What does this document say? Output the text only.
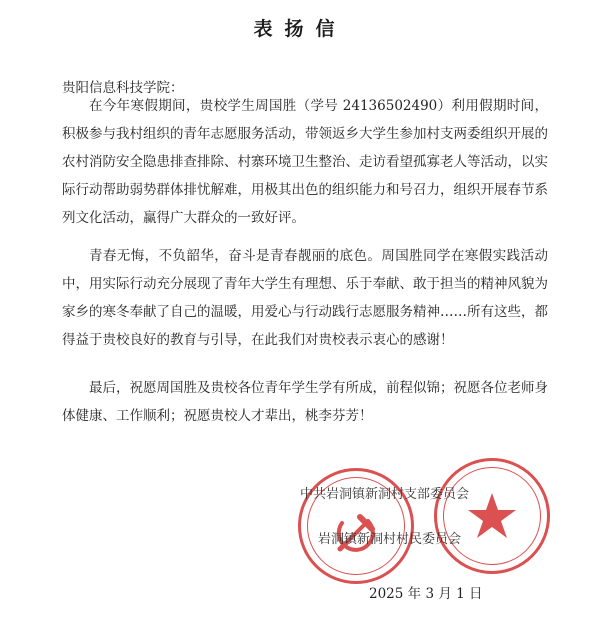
表扬信
贵阳信息科技学院：

在今年寒假期间，贵校学生周国胜（学号 24136502490）利用假期时间，积极参与我村组织的青年志愿服务活动，带领返乡大学生参加村支两委组织开展的农村消防安全隐患排查排除、村寨环境卫生整治、走访看望孤寡老人等活动，以实际行动帮助弱势群体排忧解难，用极其出色的组织能力和号召力，组织开展春节系列文化活动，赢得广大群众的一致好评。

青春无悔，不负韶华，奋斗是青春靓丽的底色。周国胜同学在寒假实践活动中，用实际行动充分展现了青年大学生有理想、乐于奉献、敢于担当的精神风貌为家乡的寒冬奉献了自己的温暖，用爱心与行动践行志愿服务精神……所有这些，都得益于贵校良好的教育与引导，在此我们对贵校表示衷心的感谢！

最后，祝愿周国胜及贵校各位青年学生学有所成，前程似锦；祝愿各位老师身体健康、工作顺利；祝愿贵校人才辈出，桃李芬芳！

中共岩洞镇新洞村支部委员会
岩洞镇新洞村村民委员会
2025 年 3 月 1 日
